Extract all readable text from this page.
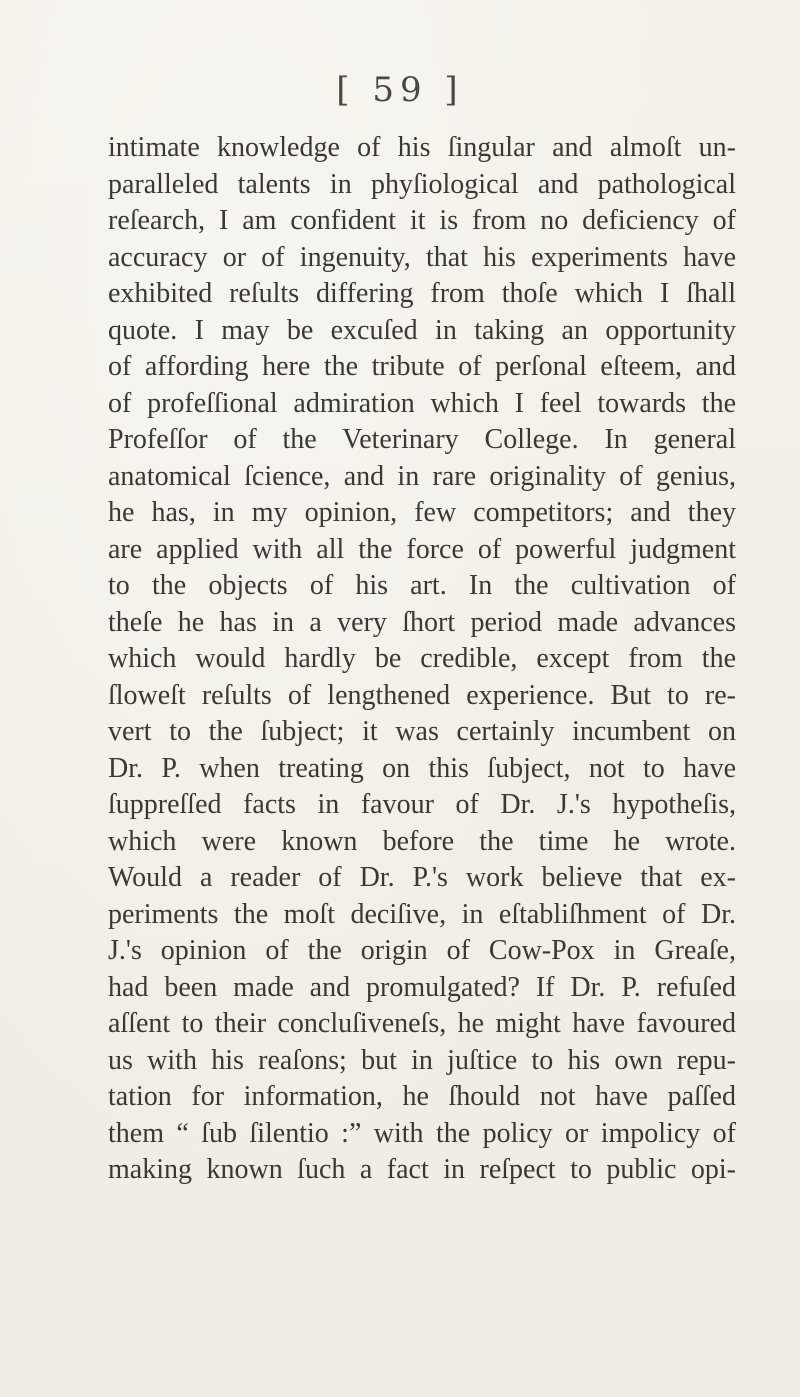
[ 59 ]
intimate knowledge of his ſingular and almoſt un-
paralleled talents in phyſiological and pathological
reſearch, I am confident it is from no deficiency of
accuracy or of ingenuity, that his experiments have
exhibited reſults differing from thoſe which I ſhall
quote. I may be excuſed in taking an opportunity
of affording here the tribute of perſonal eſteem, and
of profeſſional admiration which I feel towards the
Profeſſor of the Veterinary College. In general
anatomical ſcience, and in rare originality of genius,
he has, in my opinion, few competitors; and they
are applied with all the force of powerful judgment
to the objects of his art. In the cultivation of
theſe he has in a very ſhort period made advances
which would hardly be credible, except from the
ſloweſt reſults of lengthened experience. But to re-
vert to the ſubject; it was certainly incumbent on
Dr. P. when treating on this ſubject, not to have
ſuppreſſed facts in favour of Dr. J.'s hypotheſis,
which were known before the time he wrote.
Would a reader of Dr. P.'s work believe that ex-
periments the moſt deciſive, in eſtabliſhment of Dr.
J.'s opinion of the origin of Cow-Pox in Greaſe,
had been made and promulgated? If Dr. P. refuſed
aſſent to their concluſiveneſs, he might have favoured
us with his reaſons; but in juſtice to his own repu-
tation for information, he ſhould not have paſſed
them “ ſub ſilentio :” with the policy or impolicy of
making known ſuch a fact in reſpect to public opi-
